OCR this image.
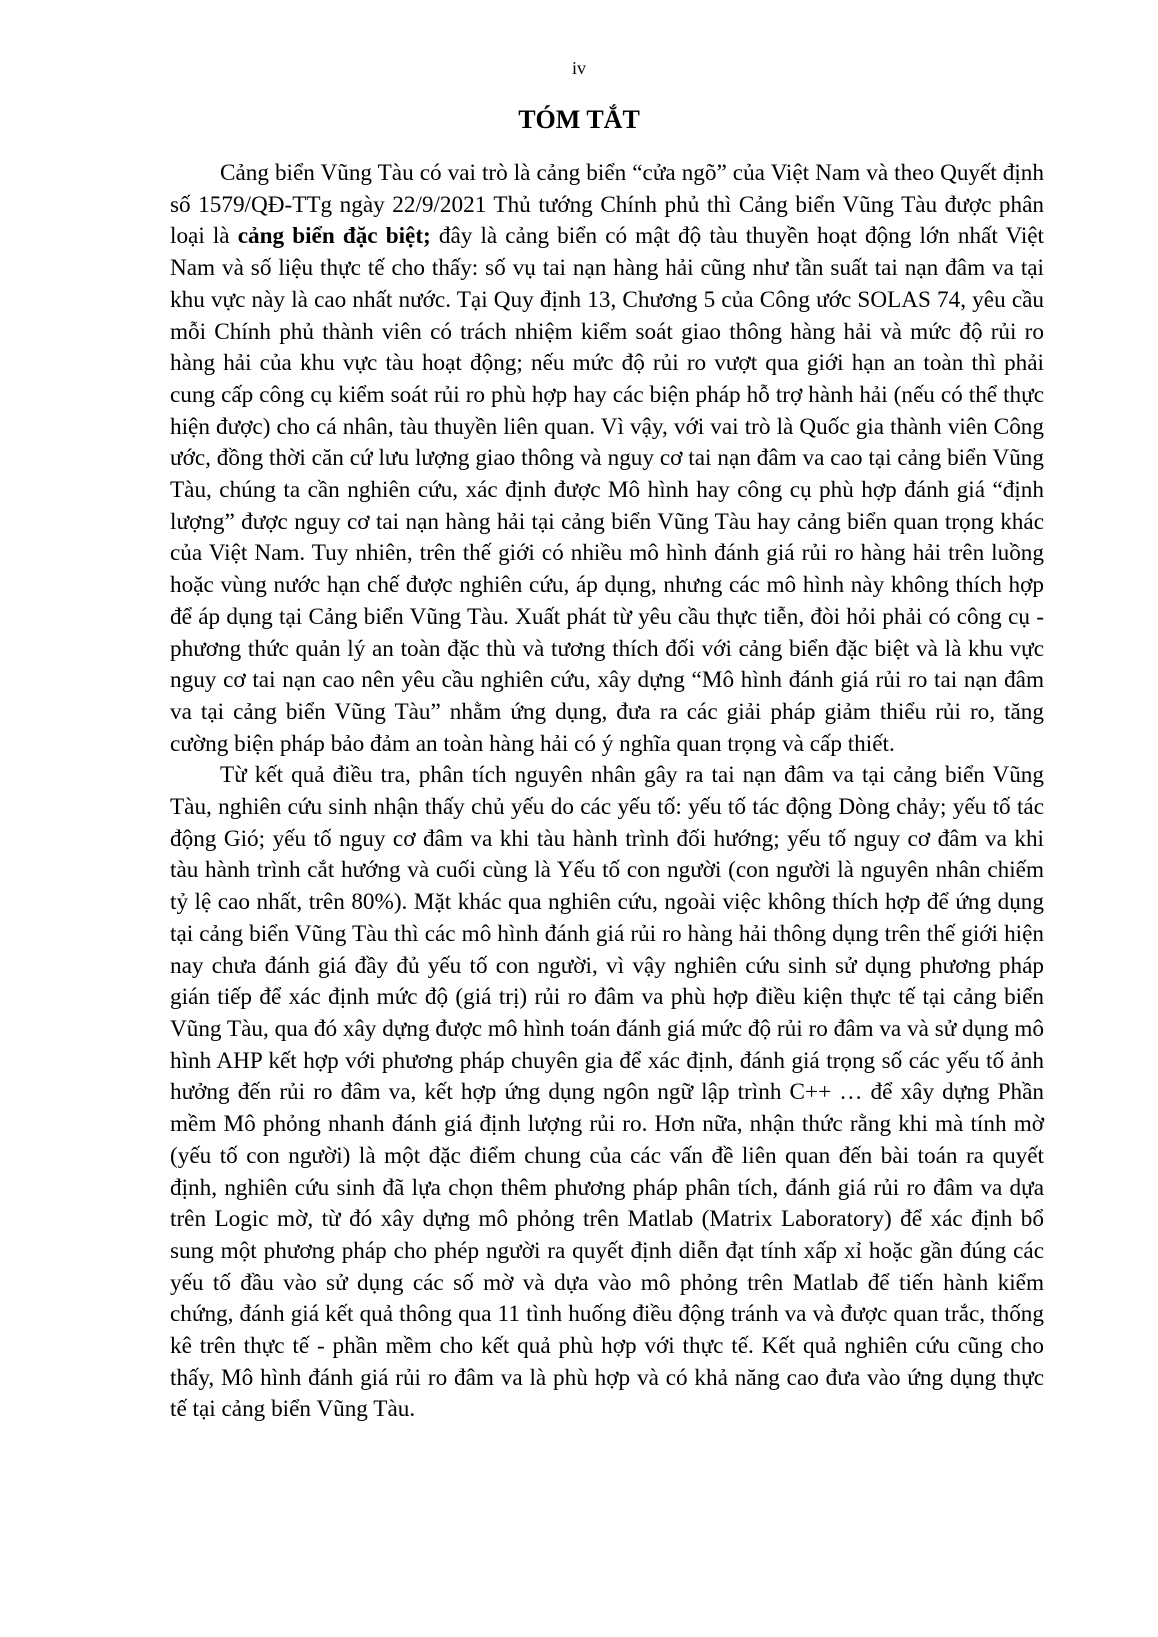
iv
TÓM TẮT

Cảng biển Vũng Tàu có vai trò là cảng biển “cửa ngõ” của Việt Nam và theo Quyết định số 1579/QĐ-TTg ngày 22/9/2021 Thủ tướng Chính phủ thì Cảng biển Vũng Tàu được phân loại là cảng biển đặc biệt; đây là cảng biển có mật độ tàu thuyền hoạt động lớn nhất Việt Nam và số liệu thực tế cho thấy: số vụ tai nạn hàng hải cũng như tần suất tai nạn đâm va tại khu vực này là cao nhất nước. Tại Quy định 13, Chương 5 của Công ước SOLAS 74, yêu cầu mỗi Chính phủ thành viên có trách nhiệm kiểm soát giao thông hàng hải và mức độ rủi ro hàng hải của khu vực tàu hoạt động; nếu mức độ rủi ro vượt qua giới hạn an toàn thì phải cung cấp công cụ kiểm soát rủi ro phù hợp hay các biện pháp hỗ trợ hành hải (nếu có thể thực hiện được) cho cá nhân, tàu thuyền liên quan. Vì vậy, với vai trò là Quốc gia thành viên Công ước, đồng thời căn cứ lưu lượng giao thông và nguy cơ tai nạn đâm va cao tại cảng biển Vũng Tàu, chúng ta cần nghiên cứu, xác định được Mô hình hay công cụ phù hợp đánh giá “định lượng” được nguy cơ tai nạn hàng hải tại cảng biển Vũng Tàu hay cảng biển quan trọng khác của Việt Nam. Tuy nhiên, trên thế giới có nhiều mô hình đánh giá rủi ro hàng hải trên luồng hoặc vùng nước hạn chế được nghiên cứu, áp dụng, nhưng các mô hình này không thích hợp để áp dụng tại Cảng biển Vũng Tàu. Xuất phát từ yêu cầu thực tiễn, đòi hỏi phải có công cụ - phương thức quản lý an toàn đặc thù và tương thích đối với cảng biển đặc biệt và là khu vực nguy cơ tai nạn cao nên yêu cầu nghiên cứu, xây dựng “Mô hình đánh giá rủi ro tai nạn đâm va tại cảng biển Vũng Tàu” nhằm ứng dụng, đưa ra các giải pháp giảm thiểu rủi ro, tăng cường biện pháp bảo đảm an toàn hàng hải có ý nghĩa quan trọng và cấp thiết.

Từ kết quả điều tra, phân tích nguyên nhân gây ra tai nạn đâm va tại cảng biển Vũng Tàu, nghiên cứu sinh nhận thấy chủ yếu do các yếu tố: yếu tố tác động Dòng chảy; yếu tố tác động Gió; yếu tố nguy cơ đâm va khi tàu hành trình đối hướng; yếu tố nguy cơ đâm va khi tàu hành trình cắt hướng và cuối cùng là Yếu tố con người (con người là nguyên nhân chiếm tỷ lệ cao nhất, trên 80%). Mặt khác qua nghiên cứu, ngoài việc không thích hợp để ứng dụng tại cảng biển Vũng Tàu thì các mô hình đánh giá rủi ro hàng hải thông dụng trên thế giới hiện nay chưa đánh giá đầy đủ yếu tố con người, vì vậy nghiên cứu sinh sử dụng phương pháp gián tiếp để xác định mức độ (giá trị) rủi ro đâm va phù hợp điều kiện thực tế tại cảng biển Vũng Tàu, qua đó xây dựng được mô hình toán đánh giá mức độ rủi ro đâm va và sử dụng mô hình AHP kết hợp với phương pháp chuyên gia để xác định, đánh giá trọng số các yếu tố ảnh hưởng đến rủi ro đâm va, kết hợp ứng dụng ngôn ngữ lập trình C++ … để xây dựng Phần mềm Mô phỏng nhanh đánh giá định lượng rủi ro. Hơn nữa, nhận thức rằng khi mà tính mờ (yếu tố con người) là một đặc điểm chung của các vấn đề liên quan đến bài toán ra quyết định, nghiên cứu sinh đã lựa chọn thêm phương pháp phân tích, đánh giá rủi ro đâm va dựa trên Logic mờ, từ đó xây dựng mô phỏng trên Matlab (Matrix Laboratory) để xác định bổ sung một phương pháp cho phép người ra quyết định diễn đạt tính xấp xỉ hoặc gần đúng các yếu tố đầu vào sử dụng các số mờ và dựa vào mô phỏng trên Matlab để tiến hành kiểm chứng, đánh giá kết quả thông qua 11 tình huống điều động tránh va và được quan trắc, thống kê trên thực tế - phần mềm cho kết quả phù hợp với thực tế. Kết quả nghiên cứu cũng cho thấy, Mô hình đánh giá rủi ro đâm va là phù hợp và có khả năng cao đưa vào ứng dụng thực tế tại cảng biển Vũng Tàu.
